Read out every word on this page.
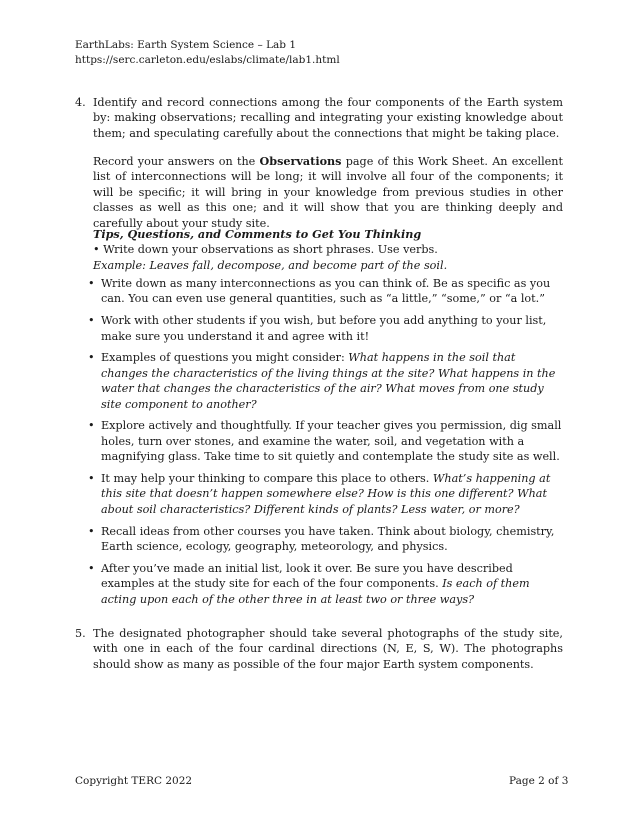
EarthLabs: Earth System Science – Lab 1
https://serc.carleton.edu/eslabs/climate/lab1.html
4. Identify and record connections among the four components of the Earth system by: making observations; recalling and integrating your existing knowledge about them; and speculating carefully about the connections that might be taking place.
Record your answers on the Observations page of this Work Sheet. An excellent list of interconnections will be long; it will involve all four of the components; it will be specific; it will bring in your knowledge from previous studies in other classes as well as this one; and it will show that you are thinking deeply and carefully about your study site.
Tips, Questions, and Comments to Get You Thinking
• Write down your observations as short phrases. Use verbs.
Example: Leaves fall, decompose, and become part of the soil.
• Write down as many interconnections as you can think of. Be as specific as you can. You can even use general quantities, such as “a little,” “some,” or “a lot.”
• Work with other students if you wish, but before you add anything to your list, make sure you understand it and agree with it!
• Examples of questions you might consider: What happens in the soil that changes the characteristics of the living things at the site? What happens in the water that changes the characteristics of the air? What moves from one study site component to another?
• Explore actively and thoughtfully. If your teacher gives you permission, dig small holes, turn over stones, and examine the water, soil, and vegetation with a magnifying glass. Take time to sit quietly and contemplate the study site as well.
• It may help your thinking to compare this place to others. What’s happening at this site that doesn’t happen somewhere else? How is this one different? What about soil characteristics? Different kinds of plants? Less water, or more?
• Recall ideas from other courses you have taken. Think about biology, chemistry, Earth science, ecology, geography, meteorology, and physics.
• After you’ve made an initial list, look it over. Be sure you have described examples at the study site for each of the four components. Is each of them acting upon each of the other three in at least two or three ways?
5. The designated photographer should take several photographs of the study site, with one in each of the four cardinal directions (N, E, S, W). The photographs should show as many as possible of the four major Earth system components.
Copyright TERC 2022	Page 2 of 3
